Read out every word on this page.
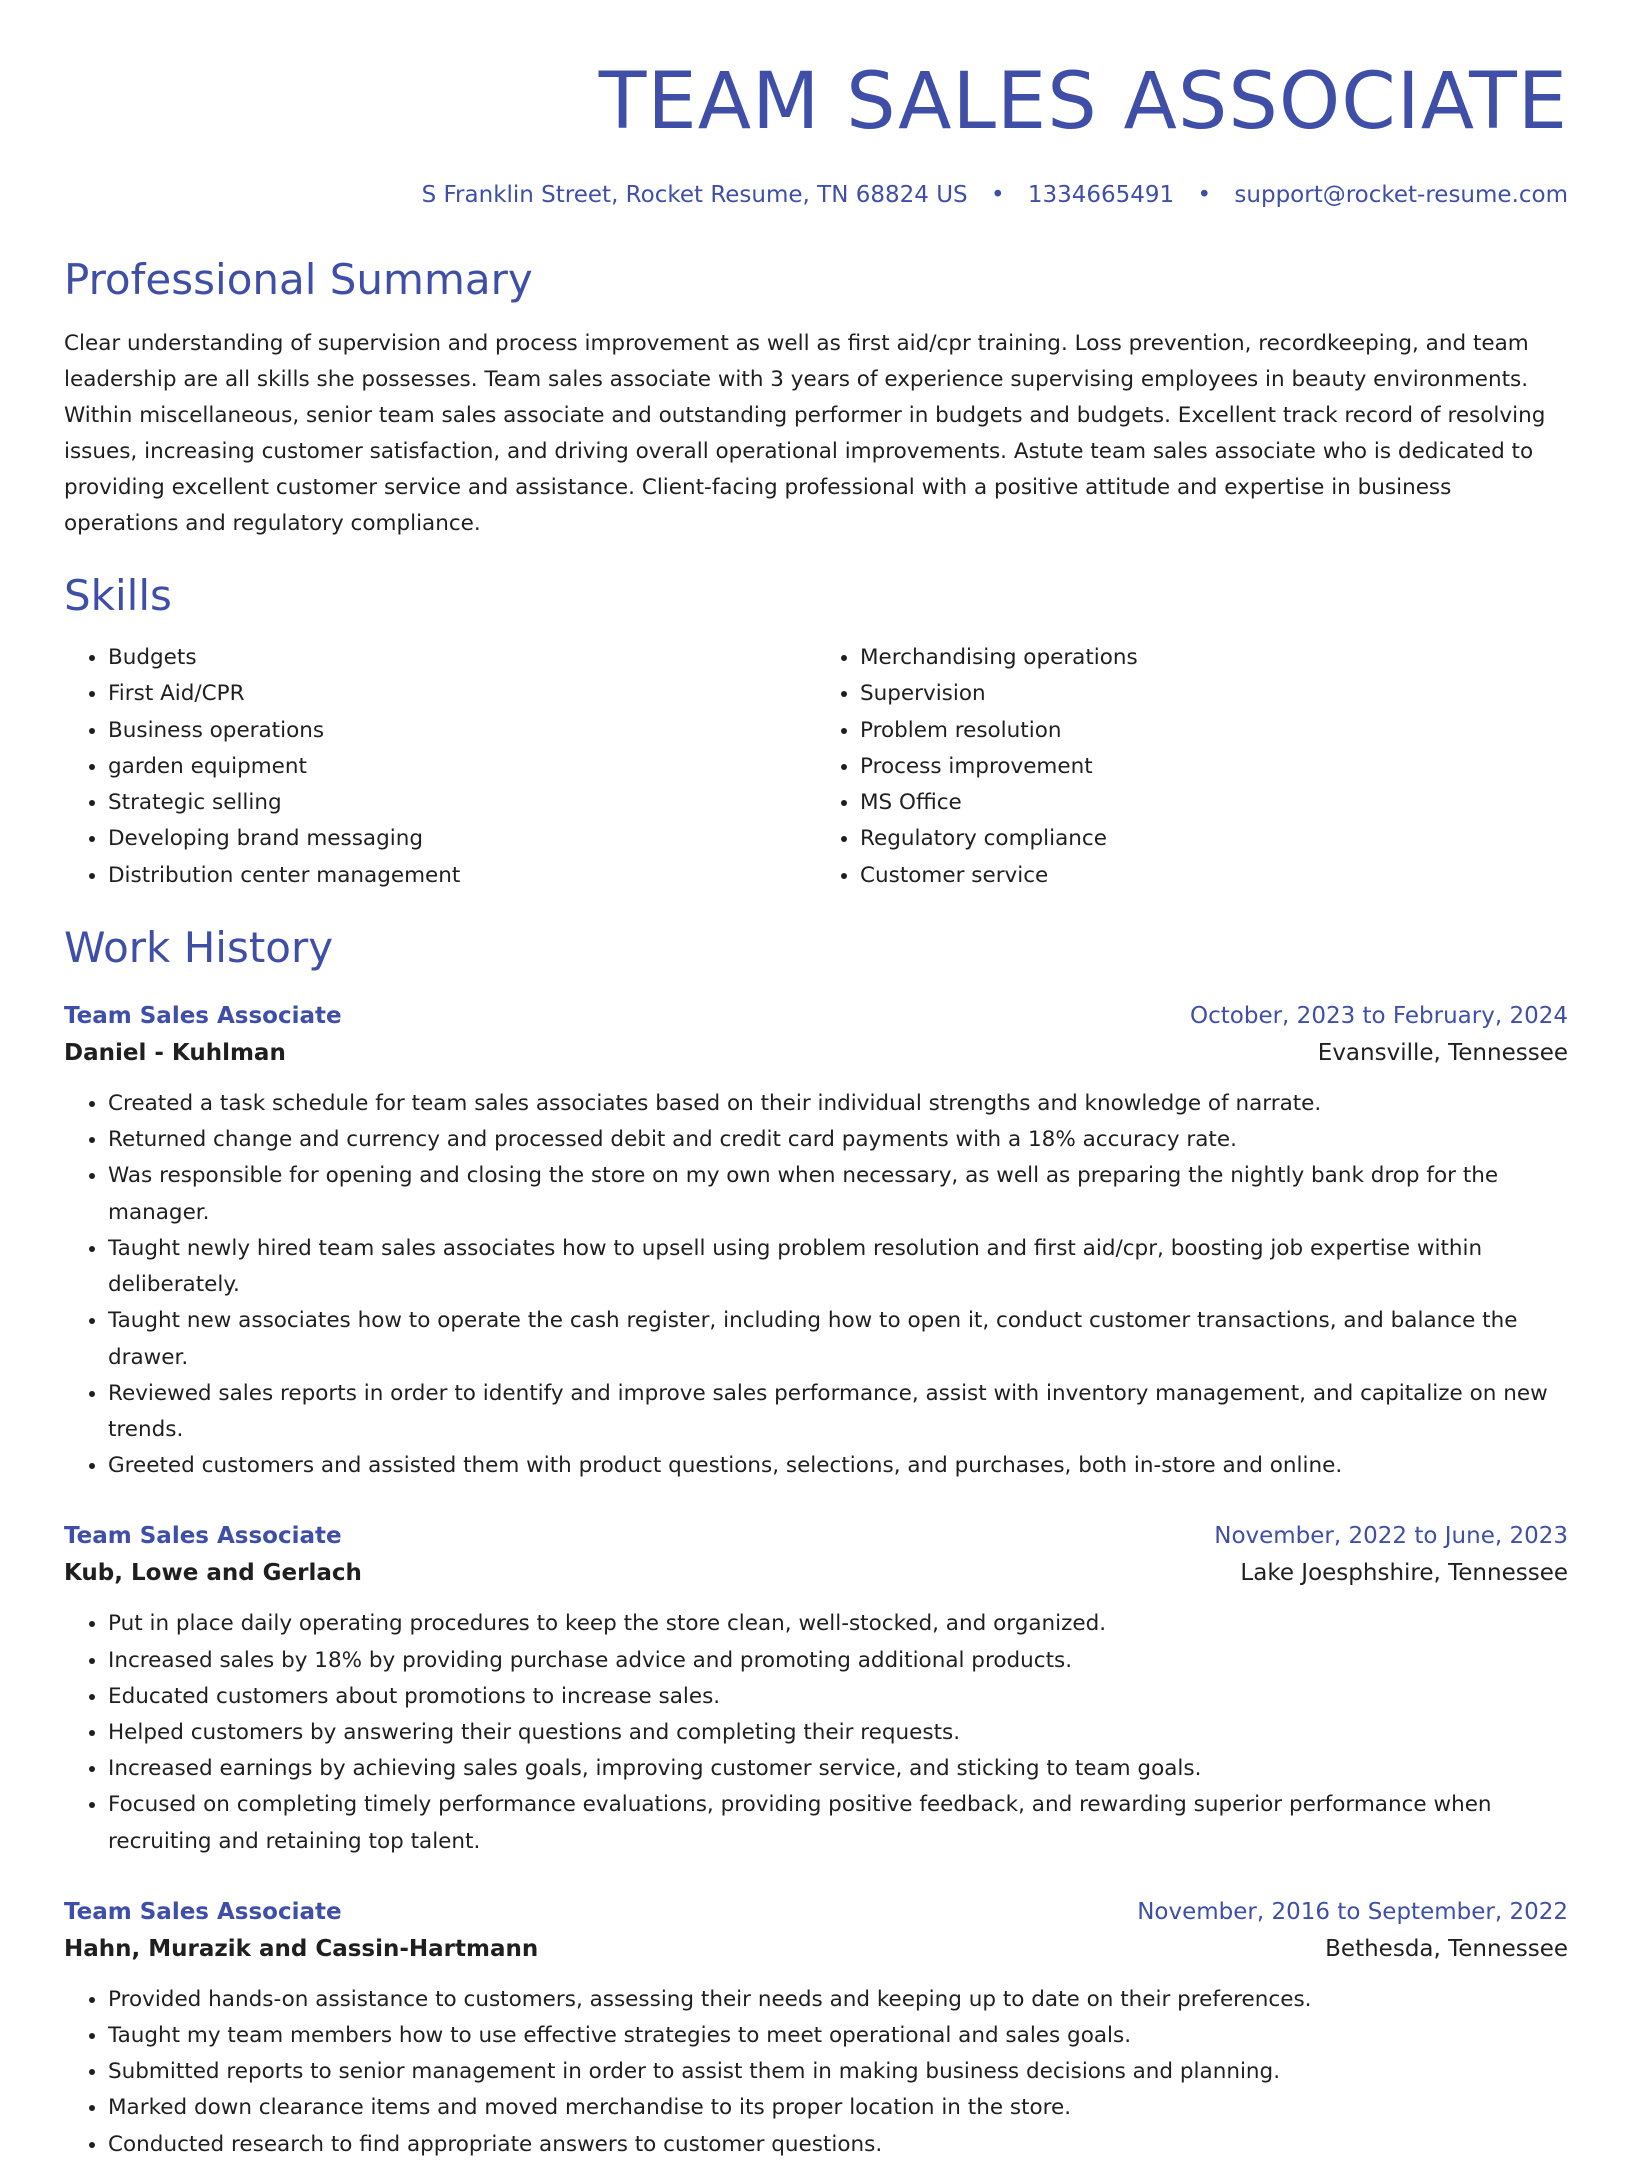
TEAM SALES ASSOCIATE
S Franklin Street, Rocket Resume, TN 68824 US • 1334665491 • support@rocket-resume.com
Professional Summary

Clear understanding of supervision and process improvement as well as first aid/cpr training. Loss prevention, recordkeeping, and team leadership are all skills she possesses. Team sales associate with 3 years of experience supervising employees in beauty environments. Within miscellaneous, senior team sales associate and outstanding performer in budgets and budgets. Excellent track record of resolving issues, increasing customer satisfaction, and driving overall operational improvements. Astute team sales associate who is dedicated to providing excellent customer service and assistance. Client-facing professional with a positive attitude and expertise in business operations and regulatory compliance.

Skills
• Budgets
• First Aid/CPR
• Business operations
• garden equipment
• Strategic selling
• Developing brand messaging
• Distribution center management
• Merchandising operations
• Supervision
• Problem resolution
• Process improvement
• MS Office
• Regulatory compliance
• Customer service
Work History
Team Sales Associate	October, 2023 to February, 2024
Daniel - Kuhlman	Evansville, Tennessee
• Created a task schedule for team sales associates based on their individual strengths and knowledge of narrate.
• Returned change and currency and processed debit and credit card payments with a 18% accuracy rate.
• Was responsible for opening and closing the store on my own when necessary, as well as preparing the nightly bank drop for the manager.
• Taught newly hired team sales associates how to upsell using problem resolution and first aid/cpr, boosting job expertise within deliberately.
• Taught new associates how to operate the cash register, including how to open it, conduct customer transactions, and balance the drawer.
• Reviewed sales reports in order to identify and improve sales performance, assist with inventory management, and capitalize on new trends.
• Greeted customers and assisted them with product questions, selections, and purchases, both in-store and online.
Team Sales Associate	November, 2022 to June, 2023
Kub, Lowe and Gerlach	Lake Joesphshire, Tennessee
• Put in place daily operating procedures to keep the store clean, well-stocked, and organized.
• Increased sales by 18% by providing purchase advice and promoting additional products.
• Educated customers about promotions to increase sales.
• Helped customers by answering their questions and completing their requests.
• Increased earnings by achieving sales goals, improving customer service, and sticking to team goals.
• Focused on completing timely performance evaluations, providing positive feedback, and rewarding superior performance when recruiting and retaining top talent.
Team Sales Associate	November, 2016 to September, 2022
Hahn, Murazik and Cassin-Hartmann	Bethesda, Tennessee
• Provided hands-on assistance to customers, assessing their needs and keeping up to date on their preferences.
• Taught my team members how to use effective strategies to meet operational and sales goals.
• Submitted reports to senior management in order to assist them in making business decisions and planning.
• Marked down clearance items and moved merchandise to its proper location in the store.
• Conducted research to find appropriate answers to customer questions.
